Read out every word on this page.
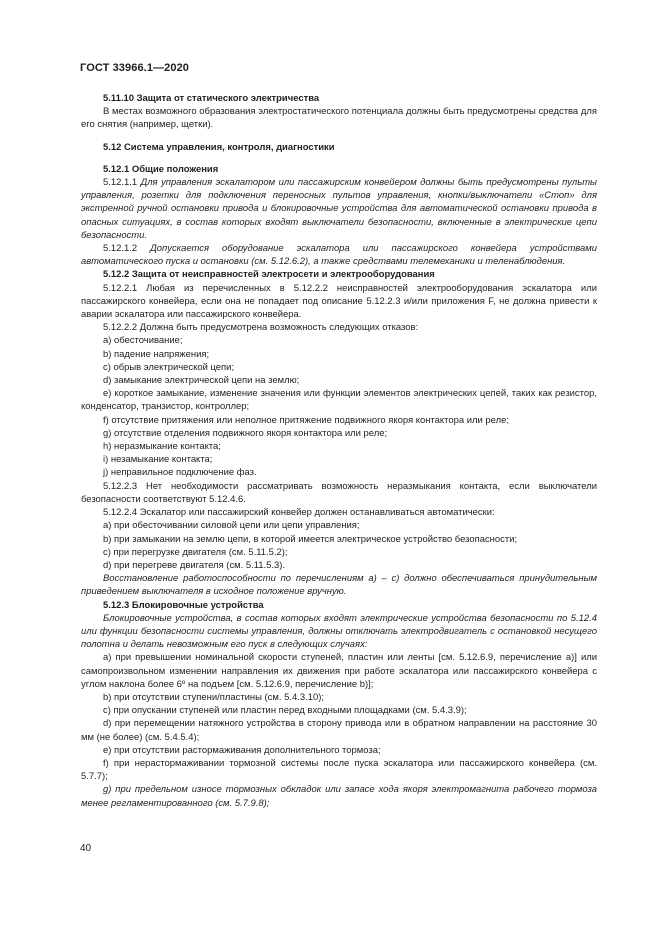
ГОСТ 33966.1—2020

5.11.10 Защита от статического электричества

В местах возможного образования электростатического потенциала должны быть предусмотрены средства для его снятия (например, щетки).

5.12 Система управления, контроля, диагностики

5.12.1 Общие положения

5.12.1.1 Для управления эскалатором или пассажирским конвейером должны быть предусмотрены пульты управления, розетки для подключения переносных пультов управления, кнопки/выключатели «Стоп» для экстренной ручной остановки привода и блокировочные устройства для автоматической остановки привода в опасных ситуациях, в состав которых входят выключатели безопасности, включенные в электрические цепи безопасности.

5.12.1.2 Допускается оборудование эскалатора или пассажирского конвейера устройствами автоматического пуска и остановки (см. 5.12.6.2), а также средствами телемеханики и теленаблюдения.

5.12.2 Защита от неисправностей электросети и электрооборудования

5.12.2.1 Любая из перечисленных в 5.12.2.2 неисправностей электрооборудования эскалатора или пассажирского конвейера, если она не попадает под описание 5.12.2.3 и/или приложения F, не должна привести к аварии эскалатора или пассажирского конвейера.

5.12.2.2 Должна быть предусмотрена возможность следующих отказов:

a) обесточивание;

b) падение напряжения;

c) обрыв электрической цепи;

d) замыкание электрической цепи на землю;

e) короткое замыкание, изменение значения или функции элементов электрических цепей, таких как резистор, конденсатор, транзистор, контроллер;

f) отсутствие притяжения или неполное притяжение подвижного якоря контактора или реле;

g) отсутствие отделения подвижного якоря контактора или реле;

h) неразмыкание контакта;

i) незамыкание контакта;

j) неправильное подключение фаз.

5.12.2.3 Нет необходимости рассматривать возможность неразмыкания контакта, если выключатели безопасности соответствуют 5.12.4.6.

5.12.2.4 Эскалатор или пассажирский конвейер должен останавливаться автоматически:

a) при обесточивании силовой цепи или цепи управления;

b) при замыкании на землю цепи, в которой имеется электрическое устройство безопасности;

c) при перегрузке двигателя (см. 5.11.5.2);

d) при перегреве двигателя (см. 5.11.5.3).

Восстановление работоспособности по перечислениям a) – c) должно обеспечиваться принудительным приведением выключателя в исходное положение вручную.

5.12.3 Блокировочные устройства

Блокировочные устройства, в состав которых входят электрические устройства безопасности по 5.12.4 или функции безопасности системы управления, должны отключать электродвигатель с остановкой несущего полотна и делать невозможным его пуск в следующих случаях:

a) при превышении номинальной скорости ступеней, пластин или ленты [см. 5.12.6.9, перечисление a)] или самопроизвольном изменении направления их движения при работе эскалатора или пассажирского конвейера с углом наклона более 6º на подъем [см. 5.12.6.9, перечисление b)];

b) при отсутствии ступени/пластины (см. 5.4.3.10);

c) при опускании ступеней или пластин перед входными площадками (см. 5.4.3.9);

d) при перемещении натяжного устройства в сторону привода или в обратном направлении на расстояние 30 мм (не более) (см. 5.4.5.4);

e) при отсутствии растормаживания дополнительного тормоза;

f) при нерастормаживании тормозной системы после пуска эскалатора или пассажирского конвейера (см. 5.7.7);

g) при предельном износе тормозных обкладок или запасе хода якоря электромагнита рабочего тормоза менее регламентированного (см. 5.7.9.8);

40
